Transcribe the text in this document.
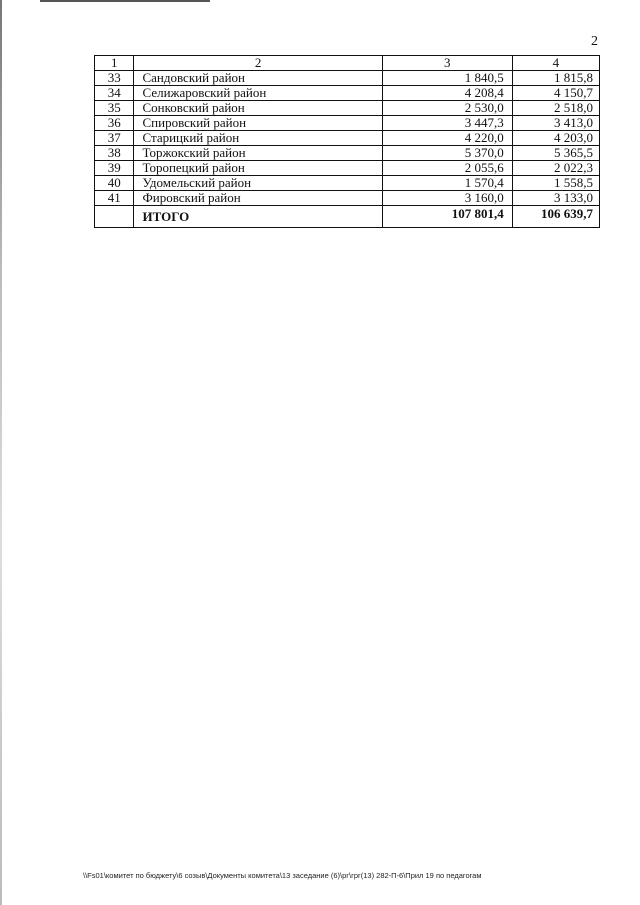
2
1	2	3	4
33	Сандовский район	1 840,5	1 815,8
34	Селижаровский район	4 208,4	4 150,7
35	Сонковский район	2 530,0	2 518,0
36	Спировский район	3 447,3	3 413,0
37	Старицкий район	4 220,0	4 203,0
38	Торжокский район	5 370,0	5 365,5
39	Торопецкий район	2 055,6	2 022,3
40	Удомельский район	1 570,4	1 558,5
41	Фировский район	3 160,0	3 133,0
	ИТОГО	107 801,4	106 639,7
\\Fs01\комитет по бюджету\6 созыв\Документы комитета\13 заседание (6)\рг\грг(13) 282-П-6\Прил 19 по педагогам
